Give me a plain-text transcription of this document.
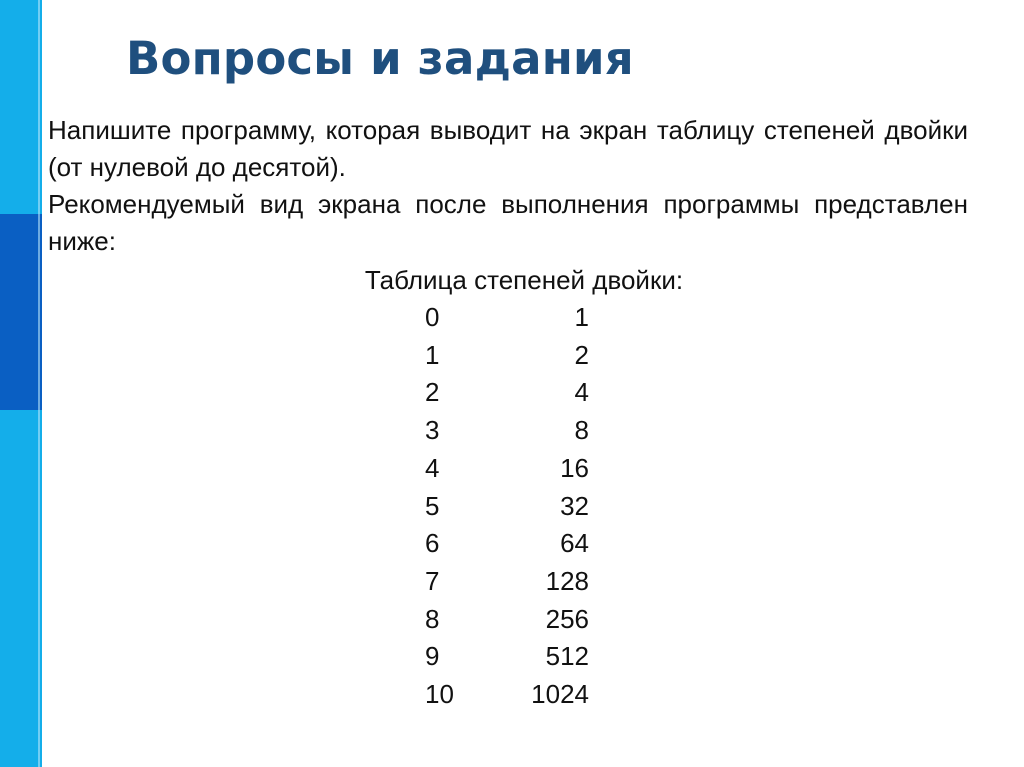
Вопросы и задания

Напишите программу, которая выводит на экран таблицу степеней двойки (от нулевой до десятой).

Рекомендуемый вид экрана после выполнения программы представлен ниже:

Таблица степеней двойки:

0	1
1	2
2	4
3	8
4	16
5	32
6	64
7	128
8	256
9	512
10	1024
